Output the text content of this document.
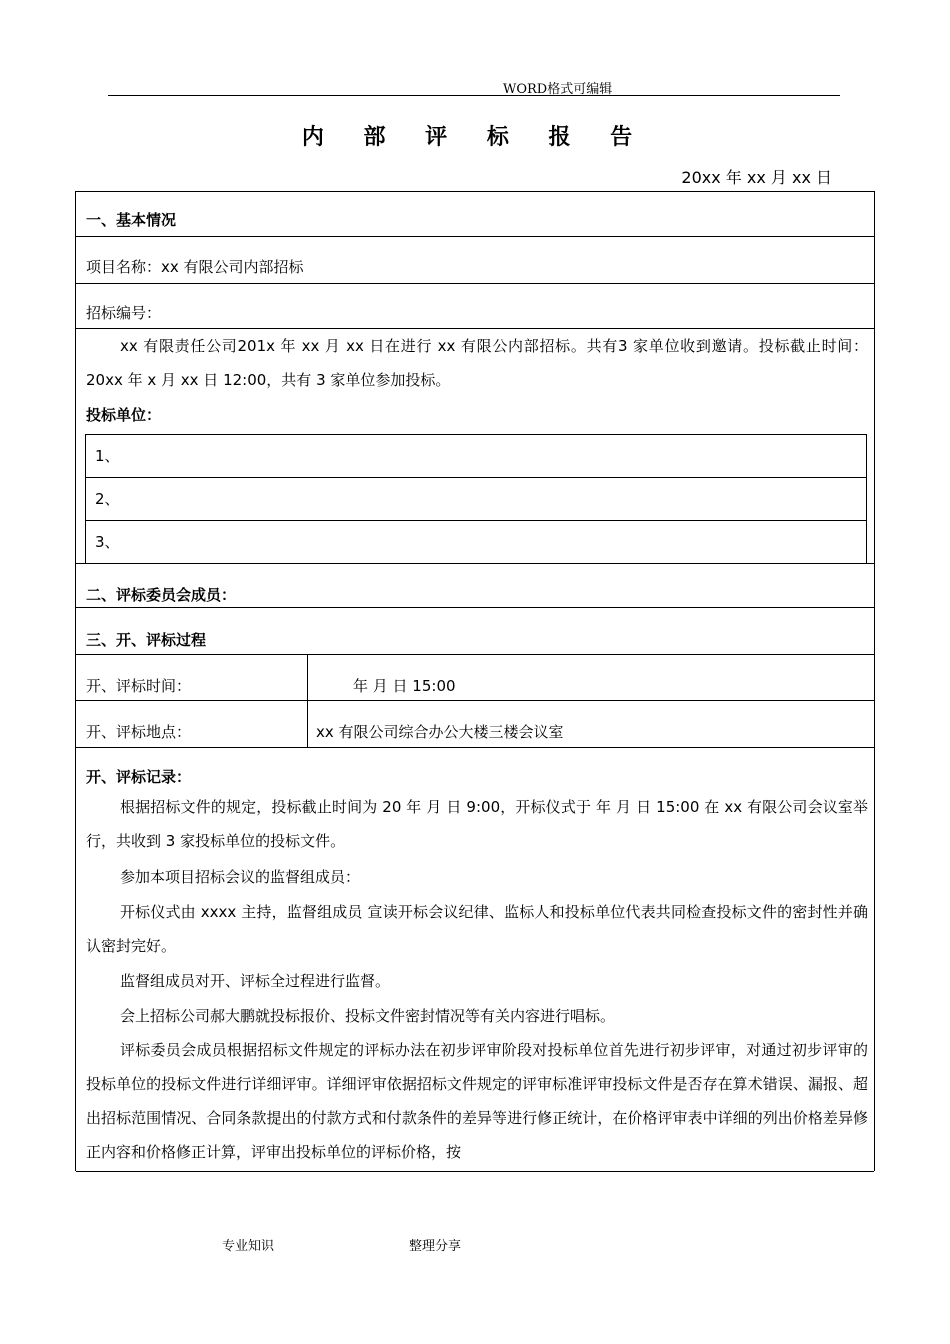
WORD格式可编辑
内 部 评 标 报 告
20xx 年 xx 月 xx 日
一、基本情况
项目名称：xx 有限公司内部招标
招标编号：
xx 有限责任公司201x 年 xx 月 xx 日在进行 xx 有限公内部招标。共有3 家单位收到邀请。投标截止时间：20xx 年 x 月 xx 日 12:00，共有 3 家单位参加投标。
投标单位：
1、
2、
3、
二、评标委员会成员：
三、开、评标过程
开、评标时间：	年 月 日 15:00
开、评标地点：	xx 有限公司综合办公大楼三楼会议室
开、评标记录：
根据招标文件的规定，投标截止时间为 20 年 月 日 9:00，开标仪式于 年 月 日 15:00 在 xx 有限公司会议室举行，共收到 3 家投标单位的投标文件。
参加本项目招标会议的监督组成员：
开标仪式由 xxxx 主持，监督组成员 宣读开标会议纪律、监标人和投标单位代表共同检查投标文件的密封性并确认密封完好。
监督组成员对开、评标全过程进行监督。
会上招标公司郝大鹏就投标报价、投标文件密封情况等有关内容进行唱标。
评标委员会成员根据招标文件规定的评标办法在初步评审阶段对投标单位首先进行初步评审，对通过初步评审的投标单位的投标文件进行详细评审。详细评审依据招标文件规定的评审标准评审投标文件是否存在算术错误、漏报、超出招标范围情况、合同条款提出的付款方式和付款条件的差异等进行修正统计，在价格评审表中详细的列出价格差异修正内容和价格修正计算，评审出投标单位的评标价格，按
专业知识	整理分享
